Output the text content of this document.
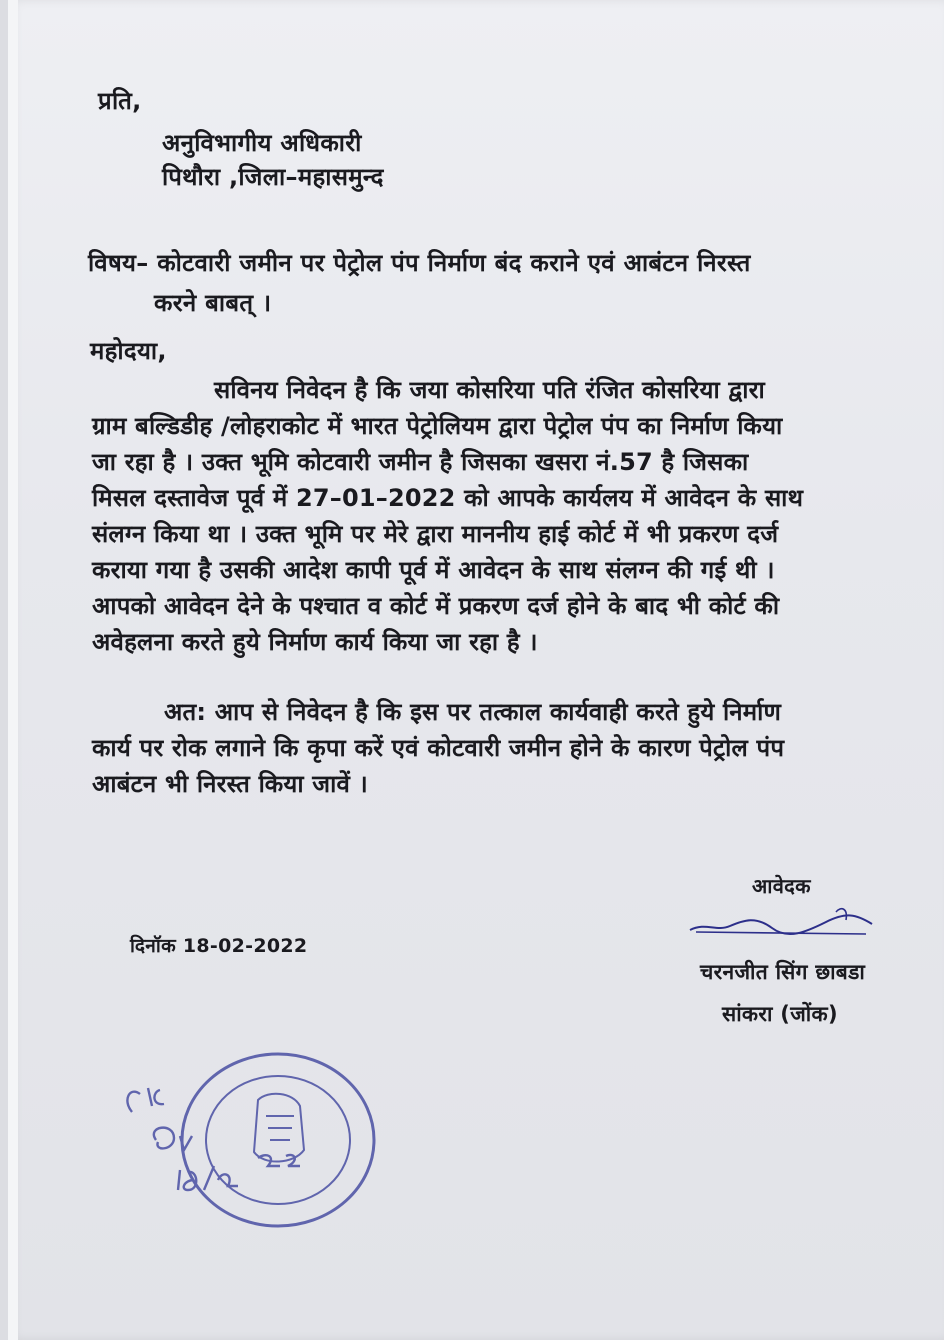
प्रति,
अनुविभागीय अधिकारी
पिथौरा ,जिला–महासमुन्द
विषय– कोटवारी जमीन पर पेट्रोल पंप निर्माण बंद कराने एवं आबंटन निरस्त
करने बाबत् ।
महोदया,
सविनय निवेदन है कि जया कोसरिया पति रंजित कोसरिया द्वारा
ग्राम बल्डिडीह /लोहराकोट में भारत पेट्रोलियम द्वारा पेट्रोल पंप का निर्माण किया
जा रहा है । उक्त भूमि कोटवारी जमीन है जिसका खसरा नं.57 है जिसका
मिसल दस्तावेज पूर्व में 27–01–2022 को आपके कार्यलय में आवेदन के साथ
संलग्न किया था । उक्त भूमि पर मेरे द्वारा माननीय हाई कोर्ट में भी प्रकरण दर्ज
कराया गया है उसकी आदेश कापी पूर्व में आवेदन के साथ संलग्न की गई थी ।
आपको आवेदन देने के पश्चात व कोर्ट में प्रकरण दर्ज होने के बाद भी कोर्ट की
अवेहलना करते हुये निर्माण कार्य किया जा रहा है ।
अत: आप से निवेदन है कि इस पर तत्काल कार्यवाही करते हुये निर्माण
कार्य पर रोक लगाने कि कृपा करें एवं कोटवारी जमीन होने के कारण पेट्रोल पंप
आबंटन भी निरस्त किया जावें ।
आवेदक
चरनजीत सिंग छाबडा
सांकरा (जोंक)
दिनॉक 18-02-2022
